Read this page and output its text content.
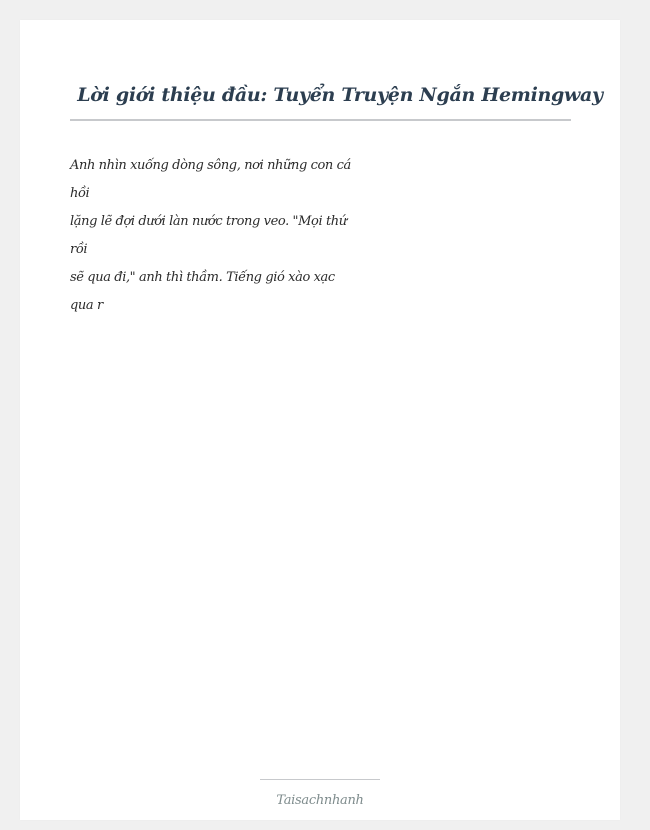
Lời giới thiệu đầu: Tuyển Truyện Ngắn Hemingway
Anh nhìn xuống dòng sông, nơi những con cá
hồi
lặng lẽ đợi dưới làn nước trong veo. "Mọi thứ
rồi
sẽ qua đi," anh thì thầm. Tiếng gió xào xạc
qua r
Taisachnhanh
